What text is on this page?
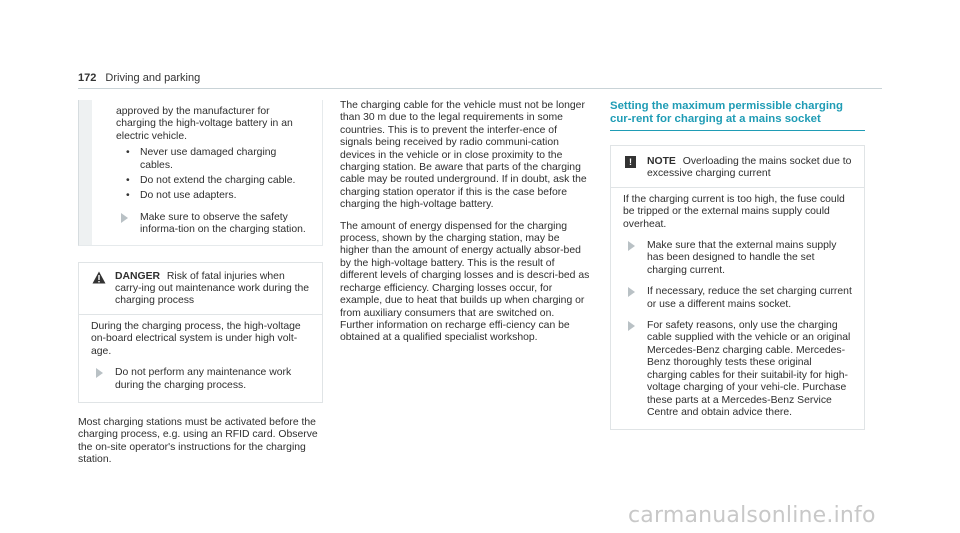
172 Driving and parking

approved by the manufacturer for charging the high-voltage battery in an electric vehicle.

• Never use damaged charging cables.
• Do not extend the charging cable.
• Do not use adapters.
Make sure to observe the safety informa-tion on the charging station.
DANGER Risk of fatal injuries when carry-ing out maintenance work during the charging process
During the charging process, the high-voltage on-board electrical system is under high volt-age.
Do not perform any maintenance work during the charging process.

Most charging stations must be activated before the charging process, e.g. using an RFID card. Observe the on-site operator's instructions for the charging station.

The charging cable for the vehicle must not be longer than 30 m due to the legal requirements in some countries. This is to prevent the interfer-ence of signals being received by radio communi-cation devices in the vehicle or in close proximity to the charging station. Be aware that parts of the charging cable may be routed underground. If in doubt, ask the charging station operator if this is the case before charging the high-voltage battery.

The amount of energy dispensed for the charging process, shown by the charging station, may be higher than the amount of energy actually absor-bed by the high-voltage battery. This is the result of different levels of charging losses and is descri-bed as recharge efficiency. Charging losses occur, for example, due to heat that builds up when charging or from auxiliary consumers that are switched on. Further information on recharge effi-ciency can be obtained at a qualified specialist workshop.

Setting the maximum permissible charging cur-rent for charging at a mains socket

!	NOTE Overloading the mains socket due to excessive charging current

If the charging current is too high, the fuse could be tripped or the external mains supply could overheat.

Make sure that the external mains supply has been designed to handle the set charging current.
If necessary, reduce the set charging current or use a different mains socket.
For safety reasons, only use the charging cable supplied with the vehicle or an original Mercedes-Benz charging cable. Mercedes-Benz thoroughly tests these original charging cables for their suitabil-ity for high-voltage charging of your vehi-cle. Purchase these parts at a Mercedes-Benz Service Centre and obtain advice there.
carmanualsonline.info
